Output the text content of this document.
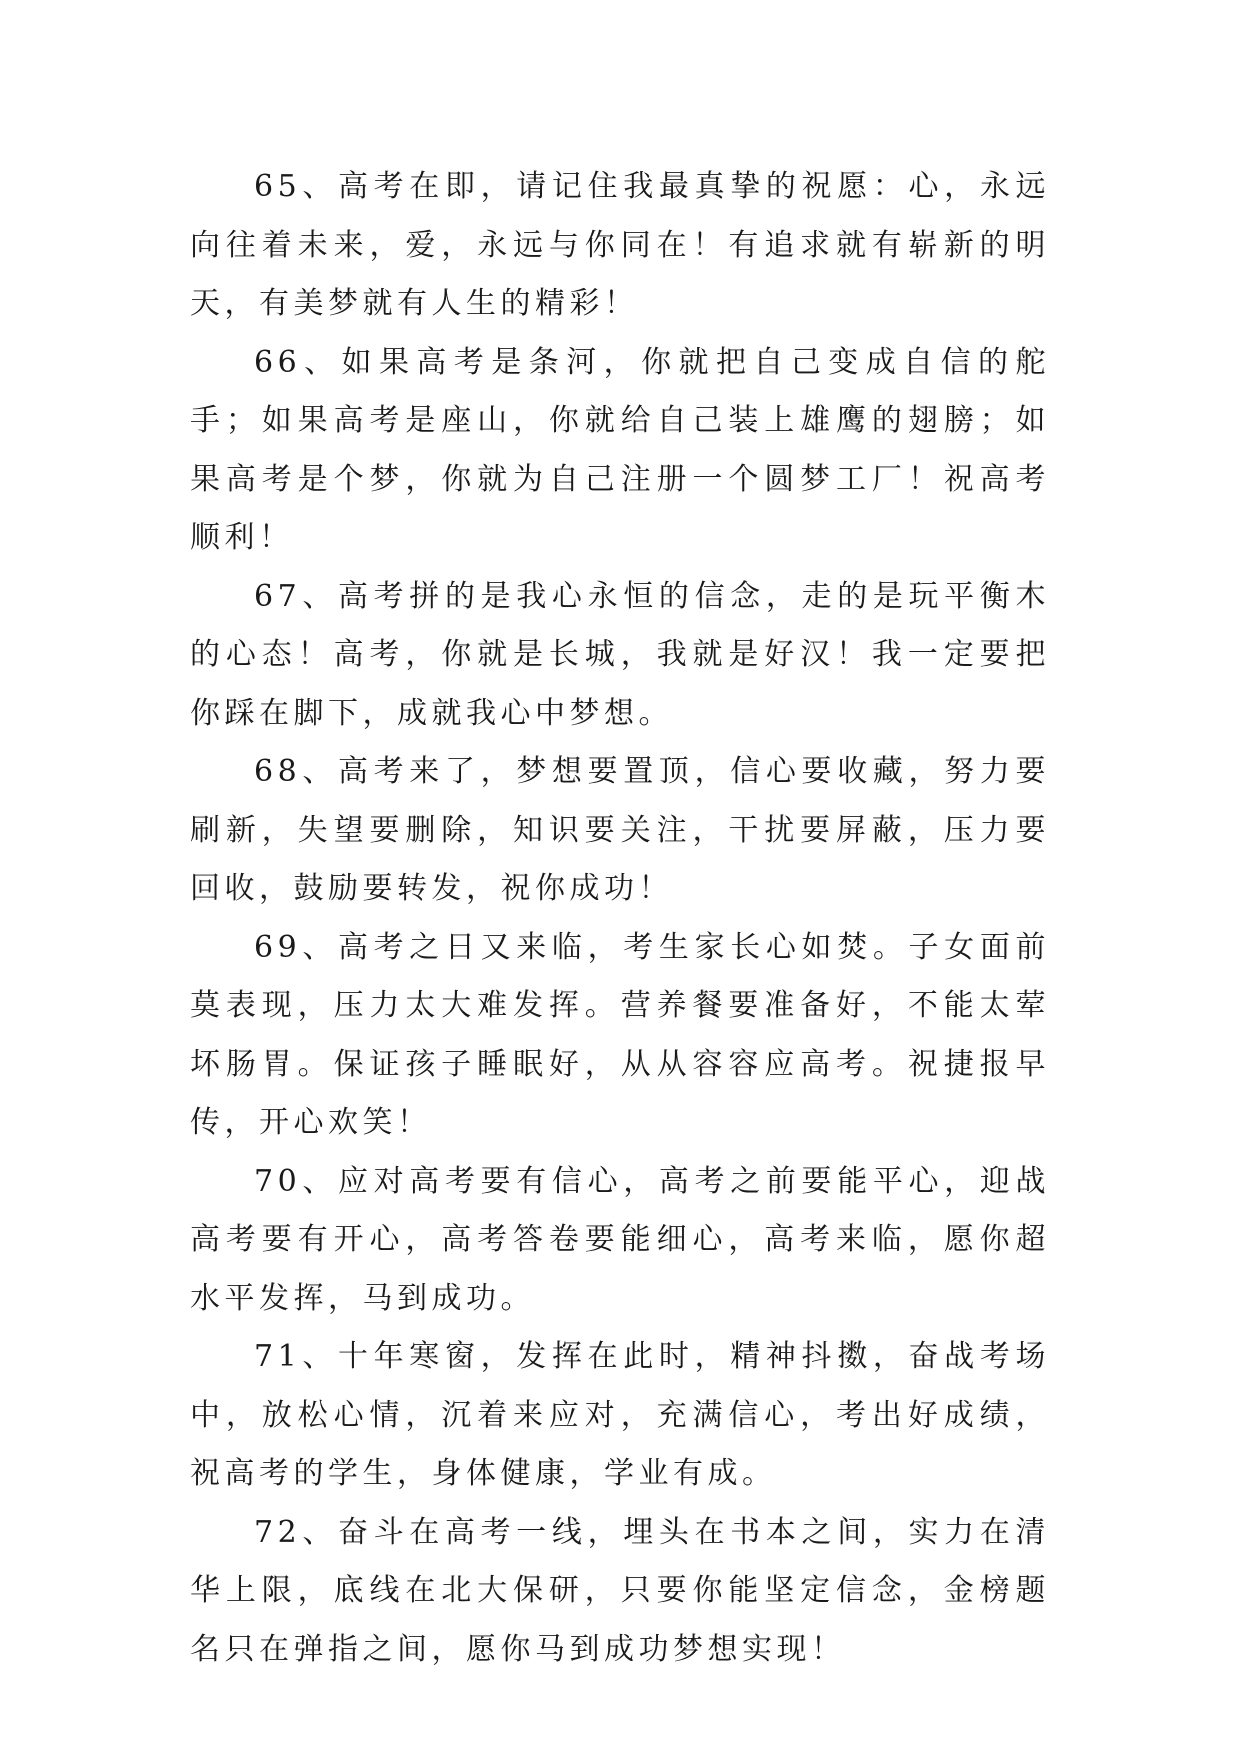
65、高考在即，请记住我最真挚的祝愿：心，永远向往着未来，爱，永远与你同在！有追求就有崭新的明天，有美梦就有人生的精彩！

66、如果高考是条河，你就把自己变成自信的舵手；如果高考是座山，你就给自己装上雄鹰的翅膀；如果高考是个梦，你就为自己注册一个圆梦工厂！祝高考顺利！

67、高考拼的是我心永恒的信念，走的是玩平衡木的心态！高考，你就是长城，我就是好汉！我一定要把你踩在脚下，成就我心中梦想。

68、高考来了，梦想要置顶，信心要收藏，努力要刷新，失望要删除，知识要关注，干扰要屏蔽，压力要回收，鼓励要转发，祝你成功！

69、高考之日又来临，考生家长心如焚。子女面前莫表现，压力太大难发挥。营养餐要准备好，不能太荤坏肠胃。保证孩子睡眠好，从从容容应高考。祝捷报早传，开心欢笑！

70、应对高考要有信心，高考之前要能平心，迎战高考要有开心，高考答卷要能细心，高考来临，愿你超水平发挥，马到成功。

71、十年寒窗，发挥在此时，精神抖擞，奋战考场中，放松心情，沉着来应对，充满信心，考出好成绩，祝高考的学生，身体健康，学业有成。

72、奋斗在高考一线，埋头在书本之间，实力在清华上限，底线在北大保研，只要你能坚定信念，金榜题名只在弹指之间，愿你马到成功梦想实现！
